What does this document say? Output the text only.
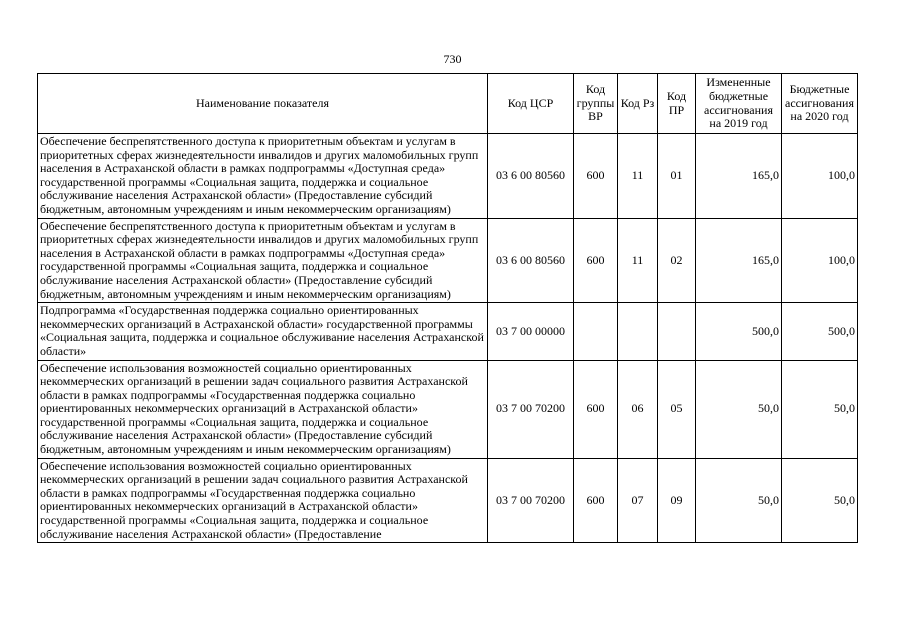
730
Наименование показателя	Код ЦСР	Код группы ВР	Код Рз	Код ПР	Измененные бюджетные ассигнования на 2019 год	Бюджетные ассигнования на 2020 год
Обеспечение беспрепятственного доступа к приоритетным объектам и услугам в приоритетных сферах жизнедеятельности инвалидов и других маломобильных групп населения в Астраханской области в рамках подпрограммы «Доступная среда» государственной программы «Социальная защита, поддержка и социальное обслуживание населения Астраханской области» (Предоставление субсидий бюджетным, автономным учреждениям и иным некоммерческим организациям)	03 6 00 80560	600	11	01	165,0	100,0
Обеспечение беспрепятственного доступа к приоритетным объектам и услугам в приоритетных сферах жизнедеятельности инвалидов и других маломобильных групп населения в Астраханской области в рамках подпрограммы «Доступная среда» государственной программы «Социальная защита, поддержка и социальное обслуживание населения Астраханской области» (Предоставление субсидий бюджетным, автономным учреждениям и иным некоммерческим организациям)	03 6 00 80560	600	11	02	165,0	100,0
Подпрограмма «Государственная поддержка социально ориентированных некоммерческих организаций в Астраханской области» государственной программы «Социальная защита, поддержка и социальное обслуживание населения Астраханской области»	03 7 00 00000				500,0	500,0
Обеспечение использования возможностей социально ориентированных некоммерческих организаций в решении задач социального развития Астраханской области в рамках подпрограммы «Государственная поддержка социально ориентированных некоммерческих организаций в Астраханской области» государственной программы «Социальная защита, поддержка и социальное обслуживание населения Астраханской области» (Предоставление субсидий бюджетным, автономным учреждениям и иным некоммерческим организациям)	03 7 00 70200	600	06	05	50,0	50,0
Обеспечение использования возможностей социально ориентированных некоммерческих организаций в решении задач социального развития Астраханской области в рамках подпрограммы «Государственная поддержка социально ориентированных некоммерческих организаций в Астраханской области» государственной программы «Социальная защита, поддержка и социальное обслуживание населения Астраханской области» (Предоставление	03 7 00 70200	600	07	09	50,0	50,0
